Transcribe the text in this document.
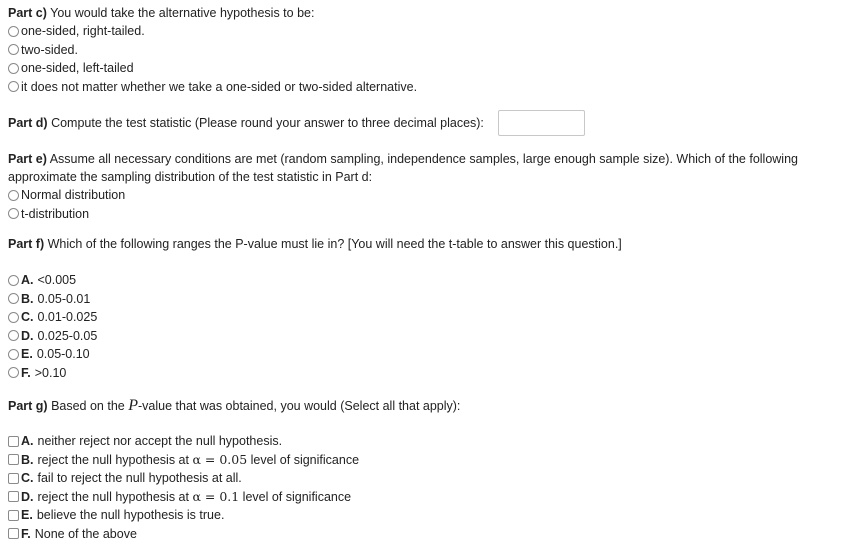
Part c) You would take the alternative hypothesis to be:
one-sided, right-tailed.
two-sided.
one-sided, left-tailed
it does not matter whether we take a one-sided or two-sided alternative.
Part d) Compute the test statistic (Please round your answer to three decimal places):
Part e) Assume all necessary conditions are met (random sampling, independence samples, large enough sample size). Which of the following approximate the sampling distribution of the test statistic in Part d:
Normal distribution
t-distribution
Part f) Which of the following ranges the P-value must lie in? [You will need the t-table to answer this question.]
A. <0.005
B. 0.05-0.01
C. 0.01-0.025
D. 0.025-0.05
E. 0.05-0.10
F. >0.10
Part g) Based on the P-value that was obtained, you would (Select all that apply):
A. neither reject nor accept the null hypothesis.
B. reject the null hypothesis at α = 0.05 level of significance
C. fail to reject the null hypothesis at all.
D. reject the null hypothesis at α = 0.1 level of significance
E. believe the null hypothesis is true.
F. None of the above
